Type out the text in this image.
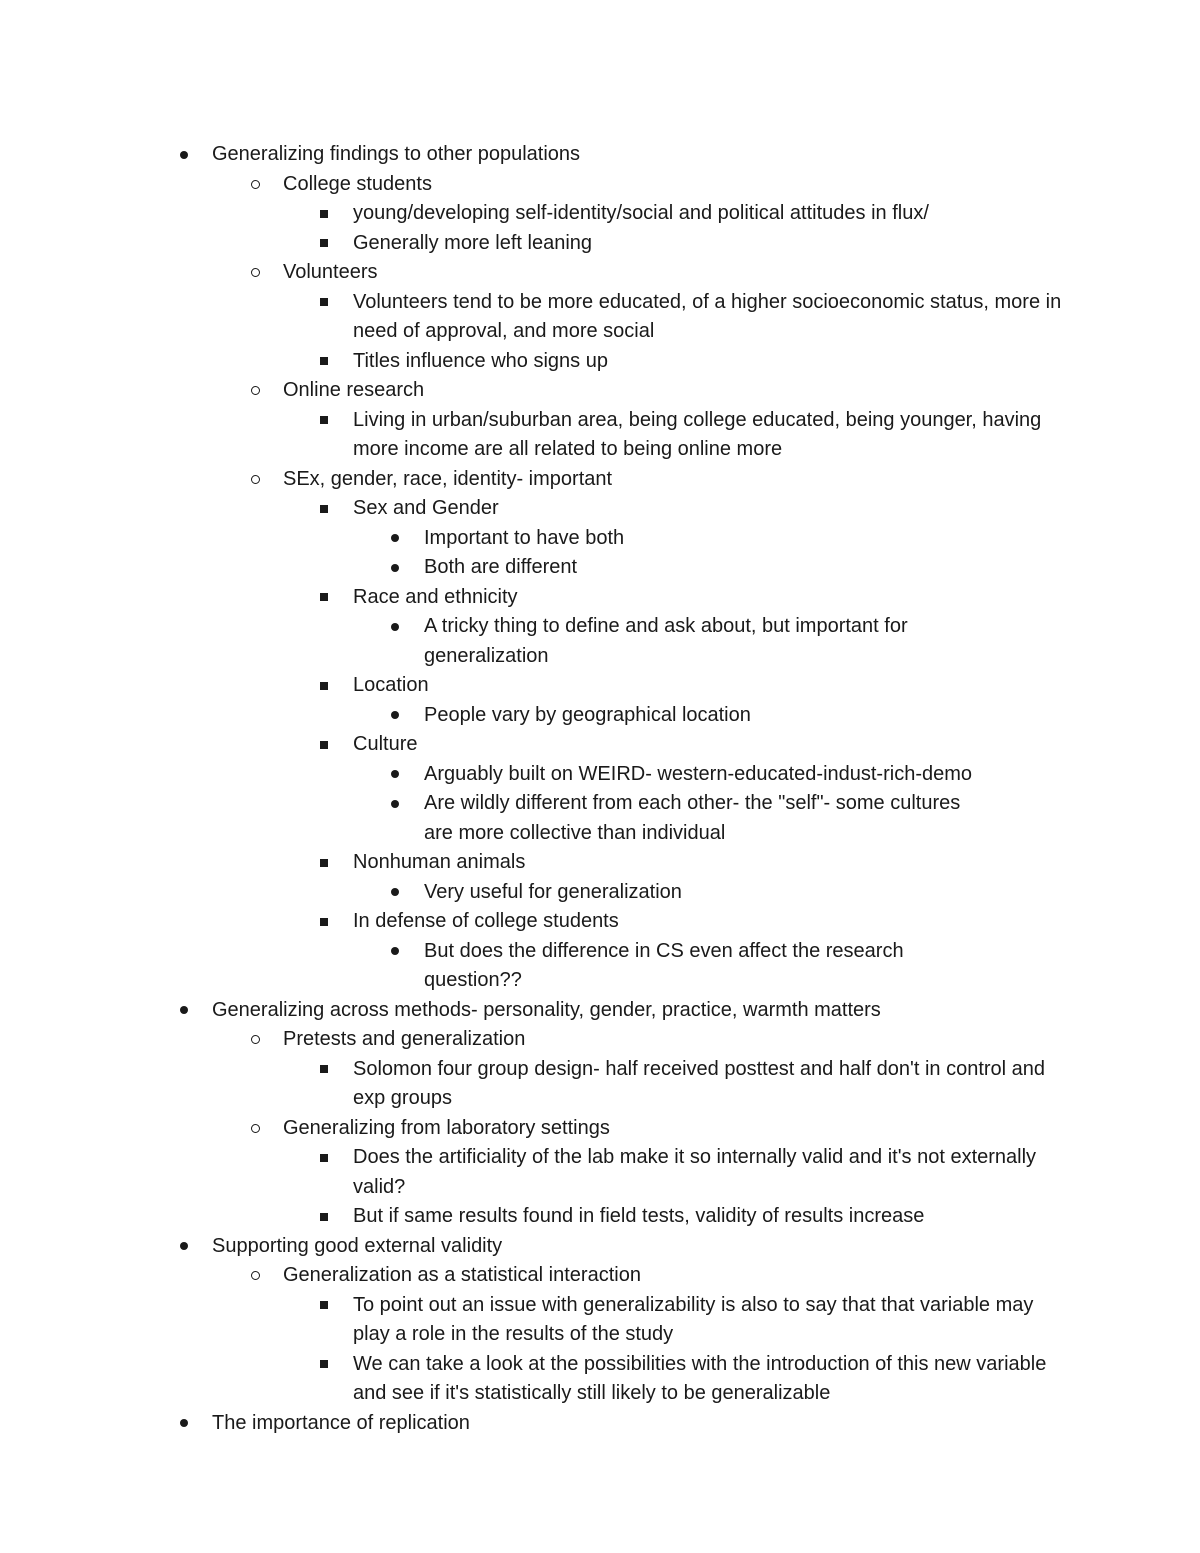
Generalizing findings to other populations
College students
young/developing self-identity/social and political attitudes in flux/
Generally more left leaning
Volunteers
Volunteers tend to be more educated, of a higher socioeconomic status, more in need of approval, and more social
Titles influence who signs up
Online research
Living in urban/suburban area, being college educated, being younger, having more income are all related to being online more
SEx, gender, race, identity- important
Sex and Gender
Important to have both
Both are different
Race and ethnicity
A tricky thing to define and ask about, but important for generalization
Location
People vary by geographical location
Culture
Arguably built on WEIRD- western-educated-indust-rich-demo
Are wildly different from each other- the "self"- some cultures are more collective than individual
Nonhuman animals
Very useful for generalization
In defense of college students
But does the difference in CS even affect the research question??
Generalizing across methods- personality, gender, practice, warmth matters
Pretests and generalization
Solomon four group design- half received posttest and half don't in control and exp groups
Generalizing from laboratory settings
Does the artificiality of the lab make it so internally valid and it's not externally valid?
But if same results found in field tests, validity of results increase
Supporting good external validity
Generalization as a statistical interaction
To point out an issue with generalizability is also to say that that variable may play a role in the results of the study
We can take a look at the possibilities with the introduction of this new variable and see if it's statistically still likely to be generalizable
The importance of replication
